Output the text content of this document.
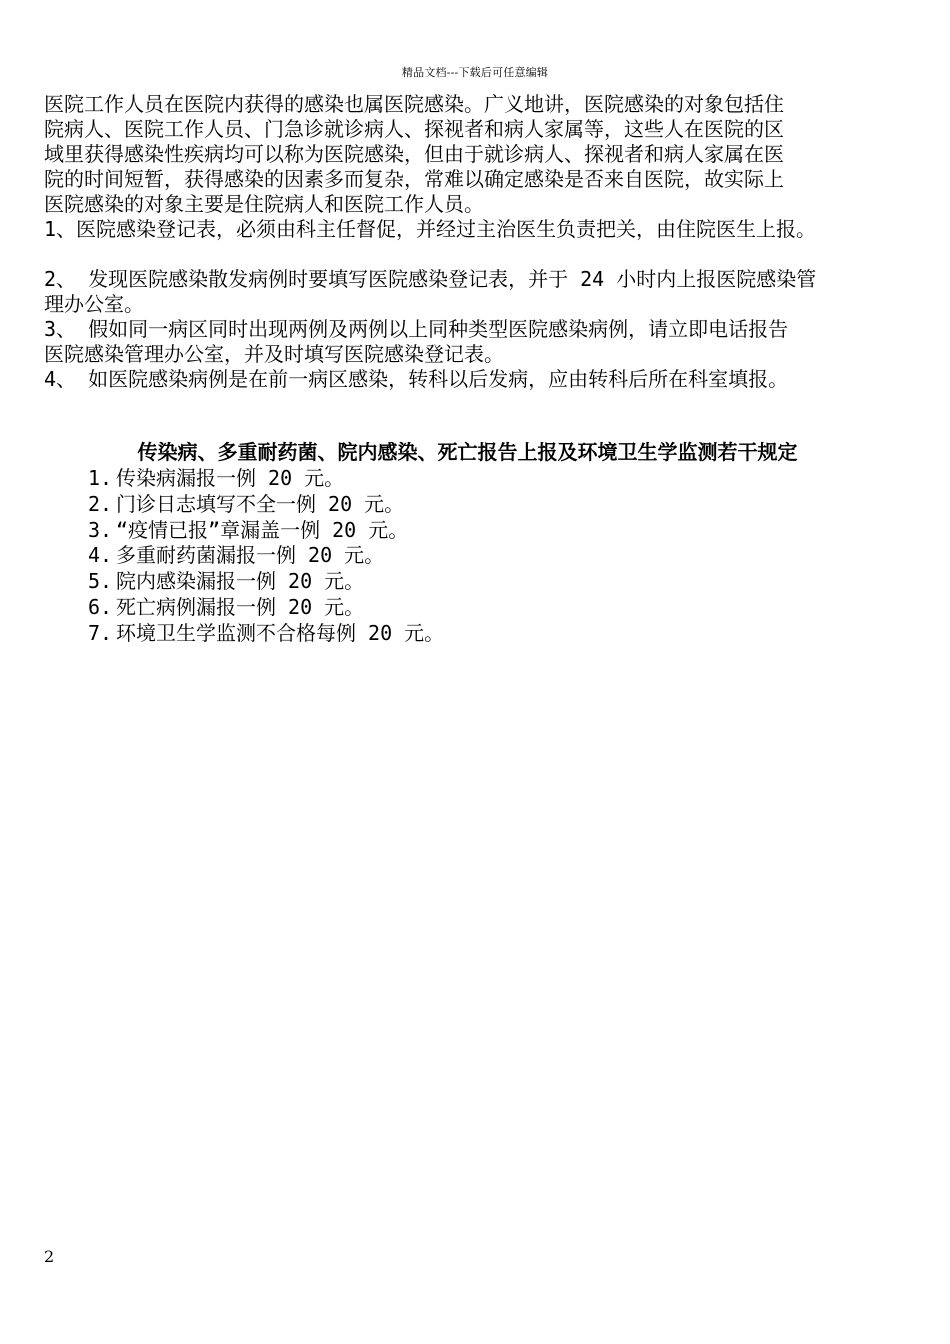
精品文档---下载后可任意编辑
医院工作人员在医院内获得的感染也属医院感染。广义地讲，医院感染的对象包括住
院病人、医院工作人员、门急诊就诊病人、探视者和病人家属等，这些人在医院的区
域里获得感染性疾病均可以称为医院感染，但由于就诊病人、探视者和病人家属在医
院的时间短暂，获得感染的因素多而复杂，常难以确定感染是否来自医院，故实际上
医院感染的对象主要是住院病人和医院工作人员。
1、医院感染登记表，必须由科主任督促，并经过主治医生负责把关，由住院医生上报。
2、 发现医院感染散发病例时要填写医院感染登记表，并于 24 小时内上报医院感染管
理办公室。
3、 假如同一病区同时出现两例及两例以上同种类型医院感染病例，请立即电话报告
医院感染管理办公室，并及时填写医院感染登记表。
4、 如医院感染病例是在前一病区感染，转科以后发病，应由转科后所在科室填报。
传染病、多重耐药菌、院内感染、死亡报告上报及环境卫生学监测若干规定
1. 传染病漏报一例 20 元。
2. 门诊日志填写不全一例 20 元。
3. “疫情已报”章漏盖一例 20 元。
4. 多重耐药菌漏报一例 20 元。
5. 院内感染漏报一例 20 元。
6. 死亡病例漏报一例 20 元。
7. 环境卫生学监测不合格每例 20 元。
2
